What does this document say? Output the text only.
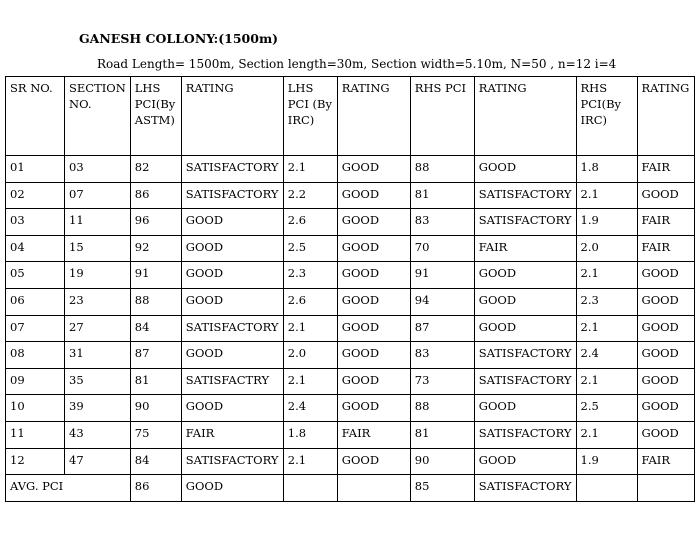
GANESH COLLONY:(1500m)
Road Length= 1500m, Section length=30m, Section width=5.10m, N=50 , n=12 i=4
SR NO.	SECTION NO.	LHS PCI(By ASTM)	RATING	LHS PCI (By IRC)	RATING	RHS PCI	RATING	RHS PCI(By IRC)	RATING
01	03	82	SATISFACTORY	2.1	GOOD	88	GOOD	1.8	FAIR
02	07	86	SATISFACTORY	2.2	GOOD	81	SATISFACTORY	2.1	GOOD
03	11	96	GOOD	2.6	GOOD	83	SATISFACTORY	1.9	FAIR
04	15	92	GOOD	2.5	GOOD	70	FAIR	2.0	FAIR
05	19	91	GOOD	2.3	GOOD	91	GOOD	2.1	GOOD
06	23	88	GOOD	2.6	GOOD	94	GOOD	2.3	GOOD
07	27	84	SATISFACTORY	2.1	GOOD	87	GOOD	2.1	GOOD
08	31	87	GOOD	2.0	GOOD	83	SATISFACTORY	2.4	GOOD
09	35	81	SATISFACTRY	2.1	GOOD	73	SATISFACTORY	2.1	GOOD
10	39	90	GOOD	2.4	GOOD	88	GOOD	2.5	GOOD
11	43	75	FAIR	1.8	FAIR	81	SATISFACTORY	2.1	GOOD
12	47	84	SATISFACTORY	2.1	GOOD	90	GOOD	1.9	FAIR
AVG. PCI		86	GOOD			85	SATISFACTORY		
